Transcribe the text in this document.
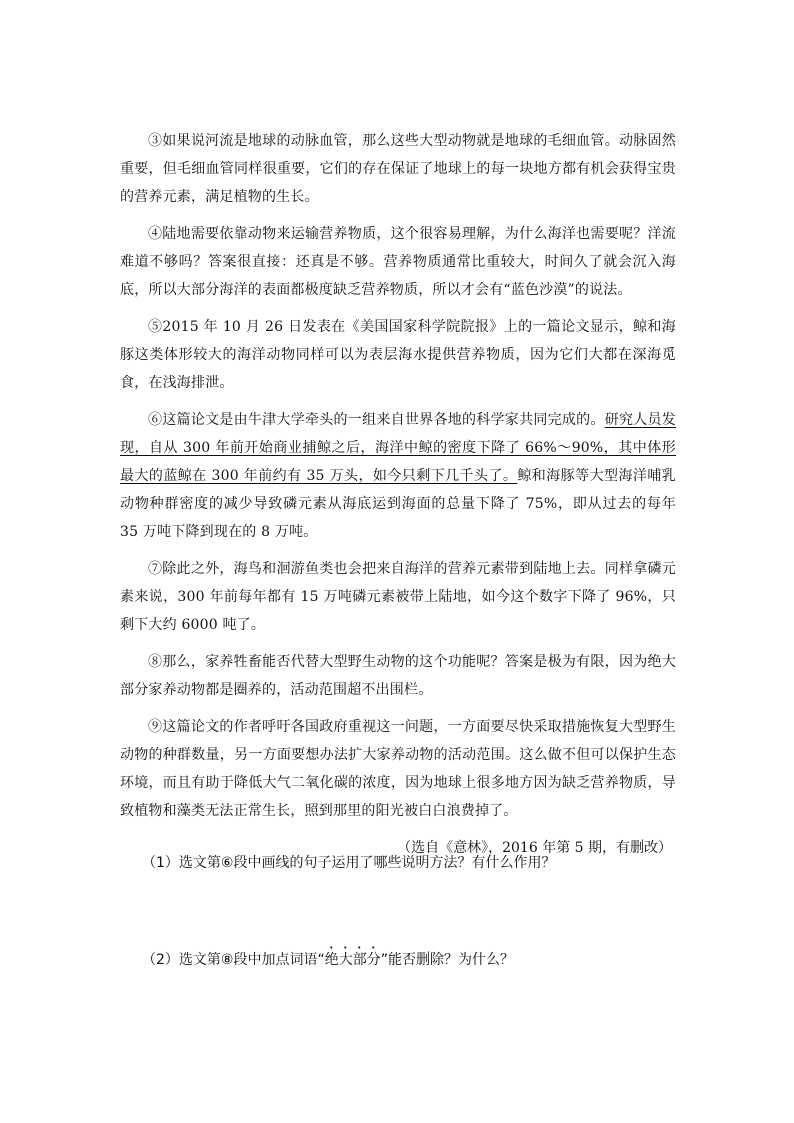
③如果说河流是地球的动脉血管，那么这些大型动物就是地球的毛细血管。动脉固然重要，但毛细血管同样很重要，它们的存在保证了地球上的每一块地方都有机会获得宝贵的营养元素，满足植物的生长。

④陆地需要依靠动物来运输营养物质，这个很容易理解，为什么海洋也需要呢？洋流难道不够吗？答案很直接：还真是不够。营养物质通常比重较大，时间久了就会沉入海底，所以大部分海洋的表面都极度缺乏营养物质，所以才会有“蓝色沙漠”的说法。

⑤2015 年 10 月 26 日发表在《美国国家科学院院报》上的一篇论文显示，鲸和海豚这类体形较大的海洋动物同样可以为表层海水提供营养物质，因为它们大都在深海觅食，在浅海排泄。

⑥这篇论文是由牛津大学牵头的一组来自世界各地的科学家共同完成的。研究人员发现，自从 300 年前开始商业捕鲸之后，海洋中鲸的密度下降了 66%～90%，其中体形最大的蓝鲸在 300 年前约有 35 万头，如今只剩下几千头了。鲸和海豚等大型海洋哺乳动物种群密度的减少导致磷元素从海底运到海面的总量下降了 75%，即从过去的每年 35 万吨下降到现在的 8 万吨。

⑦除此之外，海鸟和洄游鱼类也会把来自海洋的营养元素带到陆地上去。同样拿磷元素来说，300 年前每年都有 15 万吨磷元素被带上陆地，如今这个数字下降了 96%，只剩下大约 6000 吨了。

⑧那么，家养牲畜能否代替大型野生动物的这个功能呢？答案是极为有限，因为绝大部分家养动物都是圈养的，活动范围超不出围栏。

⑨这篇论文的作者呼吁各国政府重视这一问题，一方面要尽快采取措施恢复大型野生动物的种群数量，另一方面要想办法扩大家养动物的活动范围。这么做不但可以保护生态环境，而且有助于降低大气二氧化碳的浓度，因为地球上很多地方因为缺乏营养物质，导致植物和藻类无法正常生长，照到那里的阳光被白白浪费掉了。

（选自《意林》，2016 年第 5 期，有删改）

（1）选文第⑥段中画线的句子运用了哪些说明方法？有什么作用？
（2）选文第⑧段中加点词语“绝大部分”能否删除？为什么？
